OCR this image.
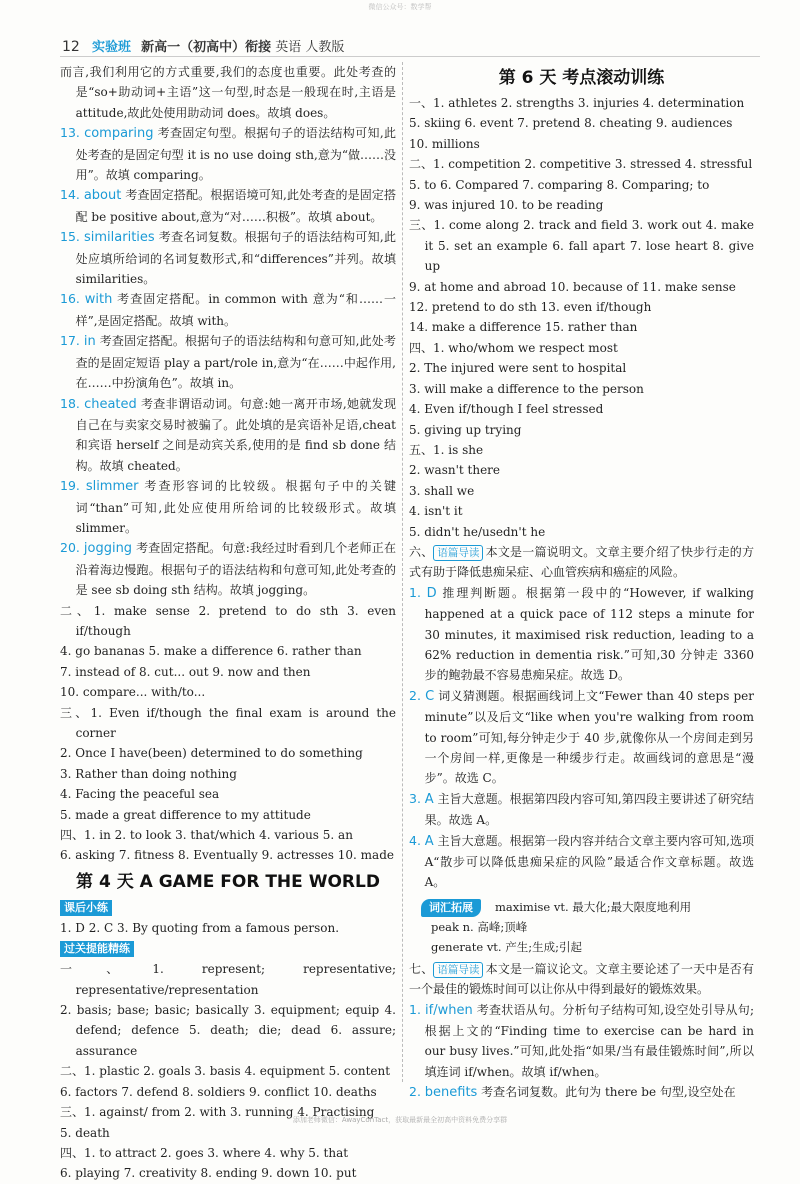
微信公众号：数学帮
12 实验班 新高一（初高中）衔接 英语 人教版

而言,我们利用它的方式重要,我们的态度也重要。此处考查的是“so+助动词+主语”这一句型,时态是一般现在时,主语是 attitude,故此处使用助动词 does。故填 does。

13. comparing 考查固定句型。根据句子的语法结构可知,此处考查的是固定句型 it is no use doing sth,意为“做……没用”。故填 comparing。

14. about 考查固定搭配。根据语境可知,此处考查的是固定搭配 be positive about,意为“对……积极”。故填 about。

15. similarities 考查名词复数。根据句子的语法结构可知,此处应填所给词的名词复数形式,和“differences”并列。故填 similarities。

16. with 考查固定搭配。in common with 意为“和……一样”,是固定搭配。故填 with。

17. in 考查固定搭配。根据句子的语法结构和句意可知,此处考查的是固定短语 play a part/role in,意为“在……中起作用,在……中扮演角色”。故填 in。

18. cheated 考查非谓语动词。句意:她一离开市场,她就发现自己在与卖家交易时被骗了。此处填的是宾语补足语,cheat 和宾语 herself 之间是动宾关系,使用的是 find sb done 结构。故填 cheated。

19. slimmer 考查形容词的比较级。根据句子中的关键词“than”可知,此处应使用所给词的比较级形式。故填 slimmer。

20. jogging 考查固定搭配。句意:我经过时看到几个老师正在沿着海边慢跑。根据句子的语法结构和句意可知,此处考查的是 see sb doing sth 结构。故填 jogging。

二、1. make sense 2. pretend to do sth 3. even if/though

4. go bananas 5. make a difference 6. rather than

7. instead of 8. cut... out 9. now and then

10. compare... with/to...

三、1. Even if/though the final exam is around the corner

2. Once I have(been) determined to do something

3. Rather than doing nothing

4. Facing the peaceful sea

5. made a great difference to my attitude

四、1. in 2. to look 3. that/which 4. various 5. an

6. asking 7. fitness 8. Eventually 9. actresses 10. made

第 4 天 A GAME FOR THE WORLD
课后小练

1. D 2. C 3. By quoting from a famous person.

过关提能精练

一、1. represent; representative; representative/representation

2. basis; base; basic; basically 3. equipment; equip 4. defend; defence 5. death; die; dead 6. assure; assurance

二、1. plastic 2. goals 3. basis 4. equipment 5. content

6. factors 7. defend 8. soldiers 9. conflict 10. deaths

三、1. against/ from 2. with 3. running 4. Practising

5. death

四、1. to attract 2. goes 3. where 4. why 5. that

6. playing 7. creativity 8. ending 9. down 10. put

第 6 天 考点滚动训练

一、1. athletes 2. strengths 3. injuries 4. determination

5. skiing 6. event 7. pretend 8. cheating 9. audiences

10. millions

二、1. competition 2. competitive 3. stressed 4. stressful

5. to 6. Compared 7. comparing 8. Comparing; to

9. was injured 10. to be reading

三、1. come along 2. track and field 3. work out 4. make it 5. set an example 6. fall apart 7. lose heart 8. give up

9. at home and abroad 10. because of 11. make sense

12. pretend to do sth 13. even if/though

14. make a difference 15. rather than

四、1. who/whom we respect most

2. The injured were sent to hospital

3. will make a difference to the person

4. Even if/though I feel stressed

5. giving up trying

五、1. is she

2. wasn't there

3. shall we

4. isn't it

5. didn't he/usedn't he

六、 语篇导读 本文是一篇说明文。文章主要介绍了快步行走的方式有助于降低患痴呆症、心血管疾病和癌症的风险。

1. D 推理判断题。根据第一段中的“However, if walking happened at a quick pace of 112 steps a minute for 30 minutes, it maximised risk reduction, leading to a 62% reduction in dementia risk.”可知,30 分钟走 3360 步的鲍勃最不容易患痴呆症。故选 D。

2. C 词义猜测题。根据画线词上文“Fewer than 40 steps per minute”以及后文“like when you're walking from room to room”可知,每分钟走少于 40 步,就像你从一个房间走到另一个房间一样,更像是一种缓步行走。故画线词的意思是“漫步”。故选 C。

3. A 主旨大意题。根据第四段内容可知,第四段主要讲述了研究结果。故选 A。

4. A 主旨大意题。根据第一段内容并结合文章主要内容可知,选项 A“散步可以降低患痴呆症的风险”最适合作文章标题。故选 A。

词汇拓展 maximise vt. 最大化;最大限度地利用
peak n. 高峰;顶峰
generate vt. 产生;生成;引起

七、 语篇导读 本文是一篇议论文。文章主要论述了一天中是否有一个最佳的锻炼时间可以让你从中得到最好的锻炼效果。

1. if/when 考查状语从句。分析句子结构可知,设空处引导从句;根据上文的“Finding time to exercise can be hard in our busy lives.”可知,此处指“如果/当有最佳锻炼时间”,所以填连词 if/when。故填 if/when。

2. benefits 考查名词复数。此句为 there be 句型,设空处在

添加老师微信：AwayConTact，获取最新最全初高中资料免费分享群
